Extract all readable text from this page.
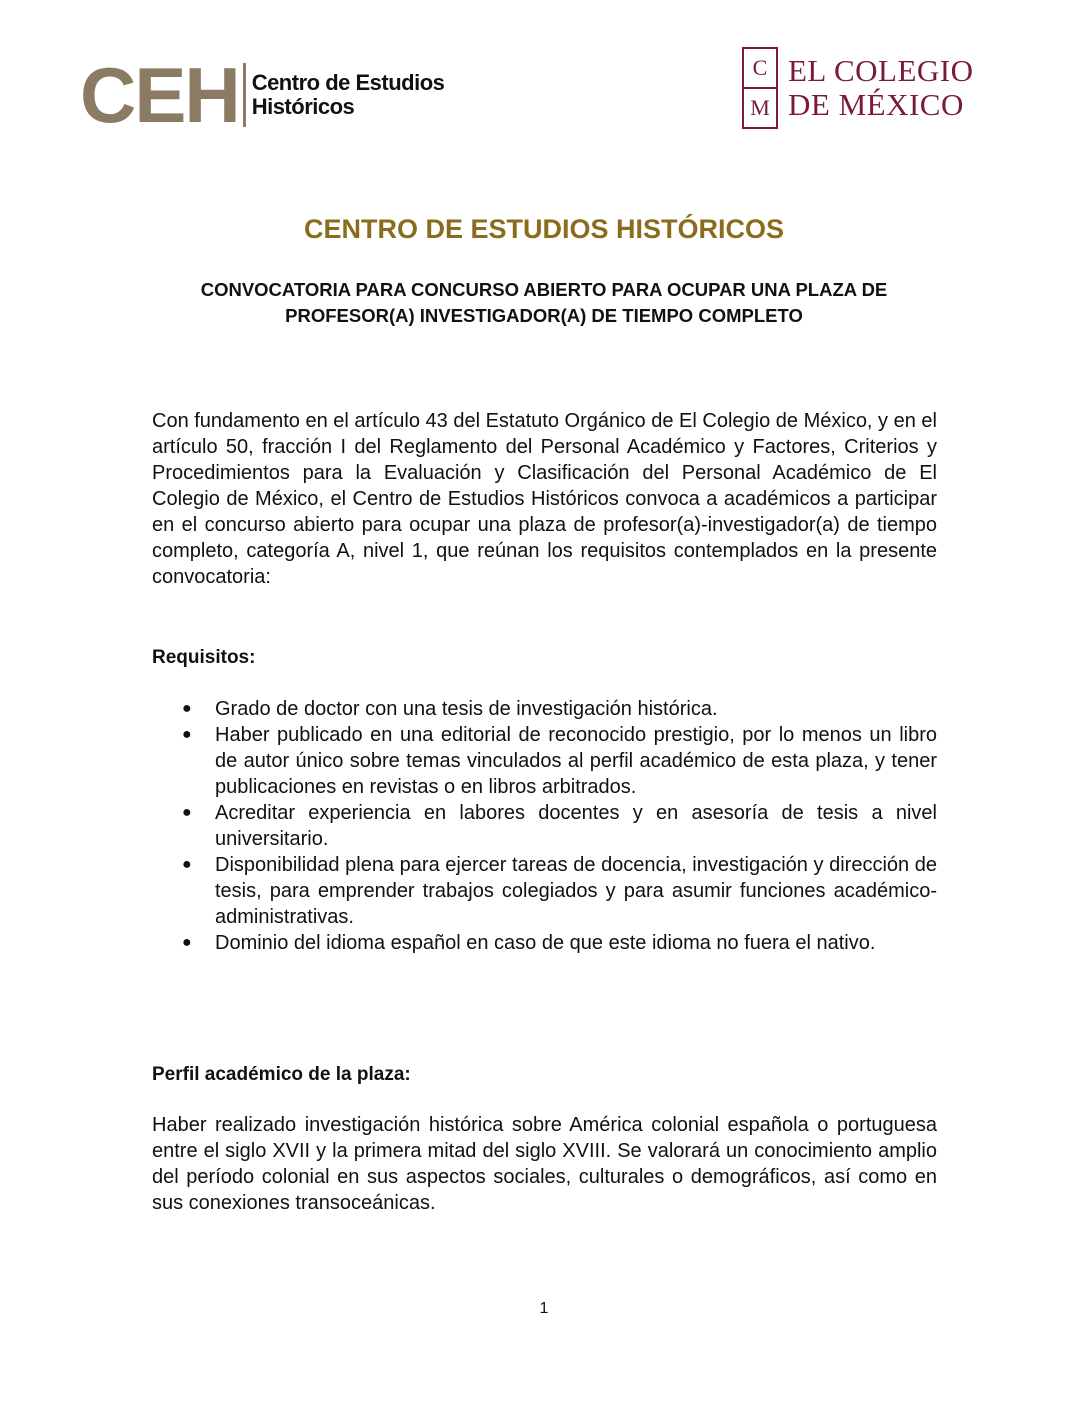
CEH Centro de Estudios
Históricos
C
M
EL COLEGIO
DE MÉXICO
CENTRO DE ESTUDIOS HISTÓRICOS
CONVOCATORIA PARA CONCURSO ABIERTO PARA OCUPAR UNA PLAZA DE
PROFESOR(A) INVESTIGADOR(A) DE TIEMPO COMPLETO

Con fundamento en el artículo 43 del Estatuto Orgánico de El Colegio de México, y en el artículo 50, fracción I del Reglamento del Personal Académico y Factores, Criterios y Procedimientos para la Evaluación y Clasificación del Personal Académico de El Colegio de México, el Centro de Estudios Históricos convoca a académicos a participar en el concurso abierto para ocupar una plaza de profesor(a)-investigador(a) de tiempo completo, categoría A, nivel 1, que reúnan los requisitos contemplados en la presente convocatoria:

Requisitos:
● Grado de doctor con una tesis de investigación histórica.
● Haber publicado en una editorial de reconocido prestigio, por lo menos un libro de autor único sobre temas vinculados al perfil académico de esta plaza, y tener publicaciones en revistas o en libros arbitrados.
● Acreditar experiencia en labores docentes y en asesoría de tesis a nivel universitario.
● Disponibilidad plena para ejercer tareas de docencia, investigación y dirección de tesis, para emprender trabajos colegiados y para asumir funciones académico-administrativas.
● Dominio del idioma español en caso de que este idioma no fuera el nativo.
Perfil académico de la plaza:

Haber realizado investigación histórica sobre América colonial española o portuguesa entre el siglo XVII y la primera mitad del siglo XVIII. Se valorará un conocimiento amplio del período colonial en sus aspectos sociales, culturales o demográficos, así como en sus conexiones transoceánicas.

1
